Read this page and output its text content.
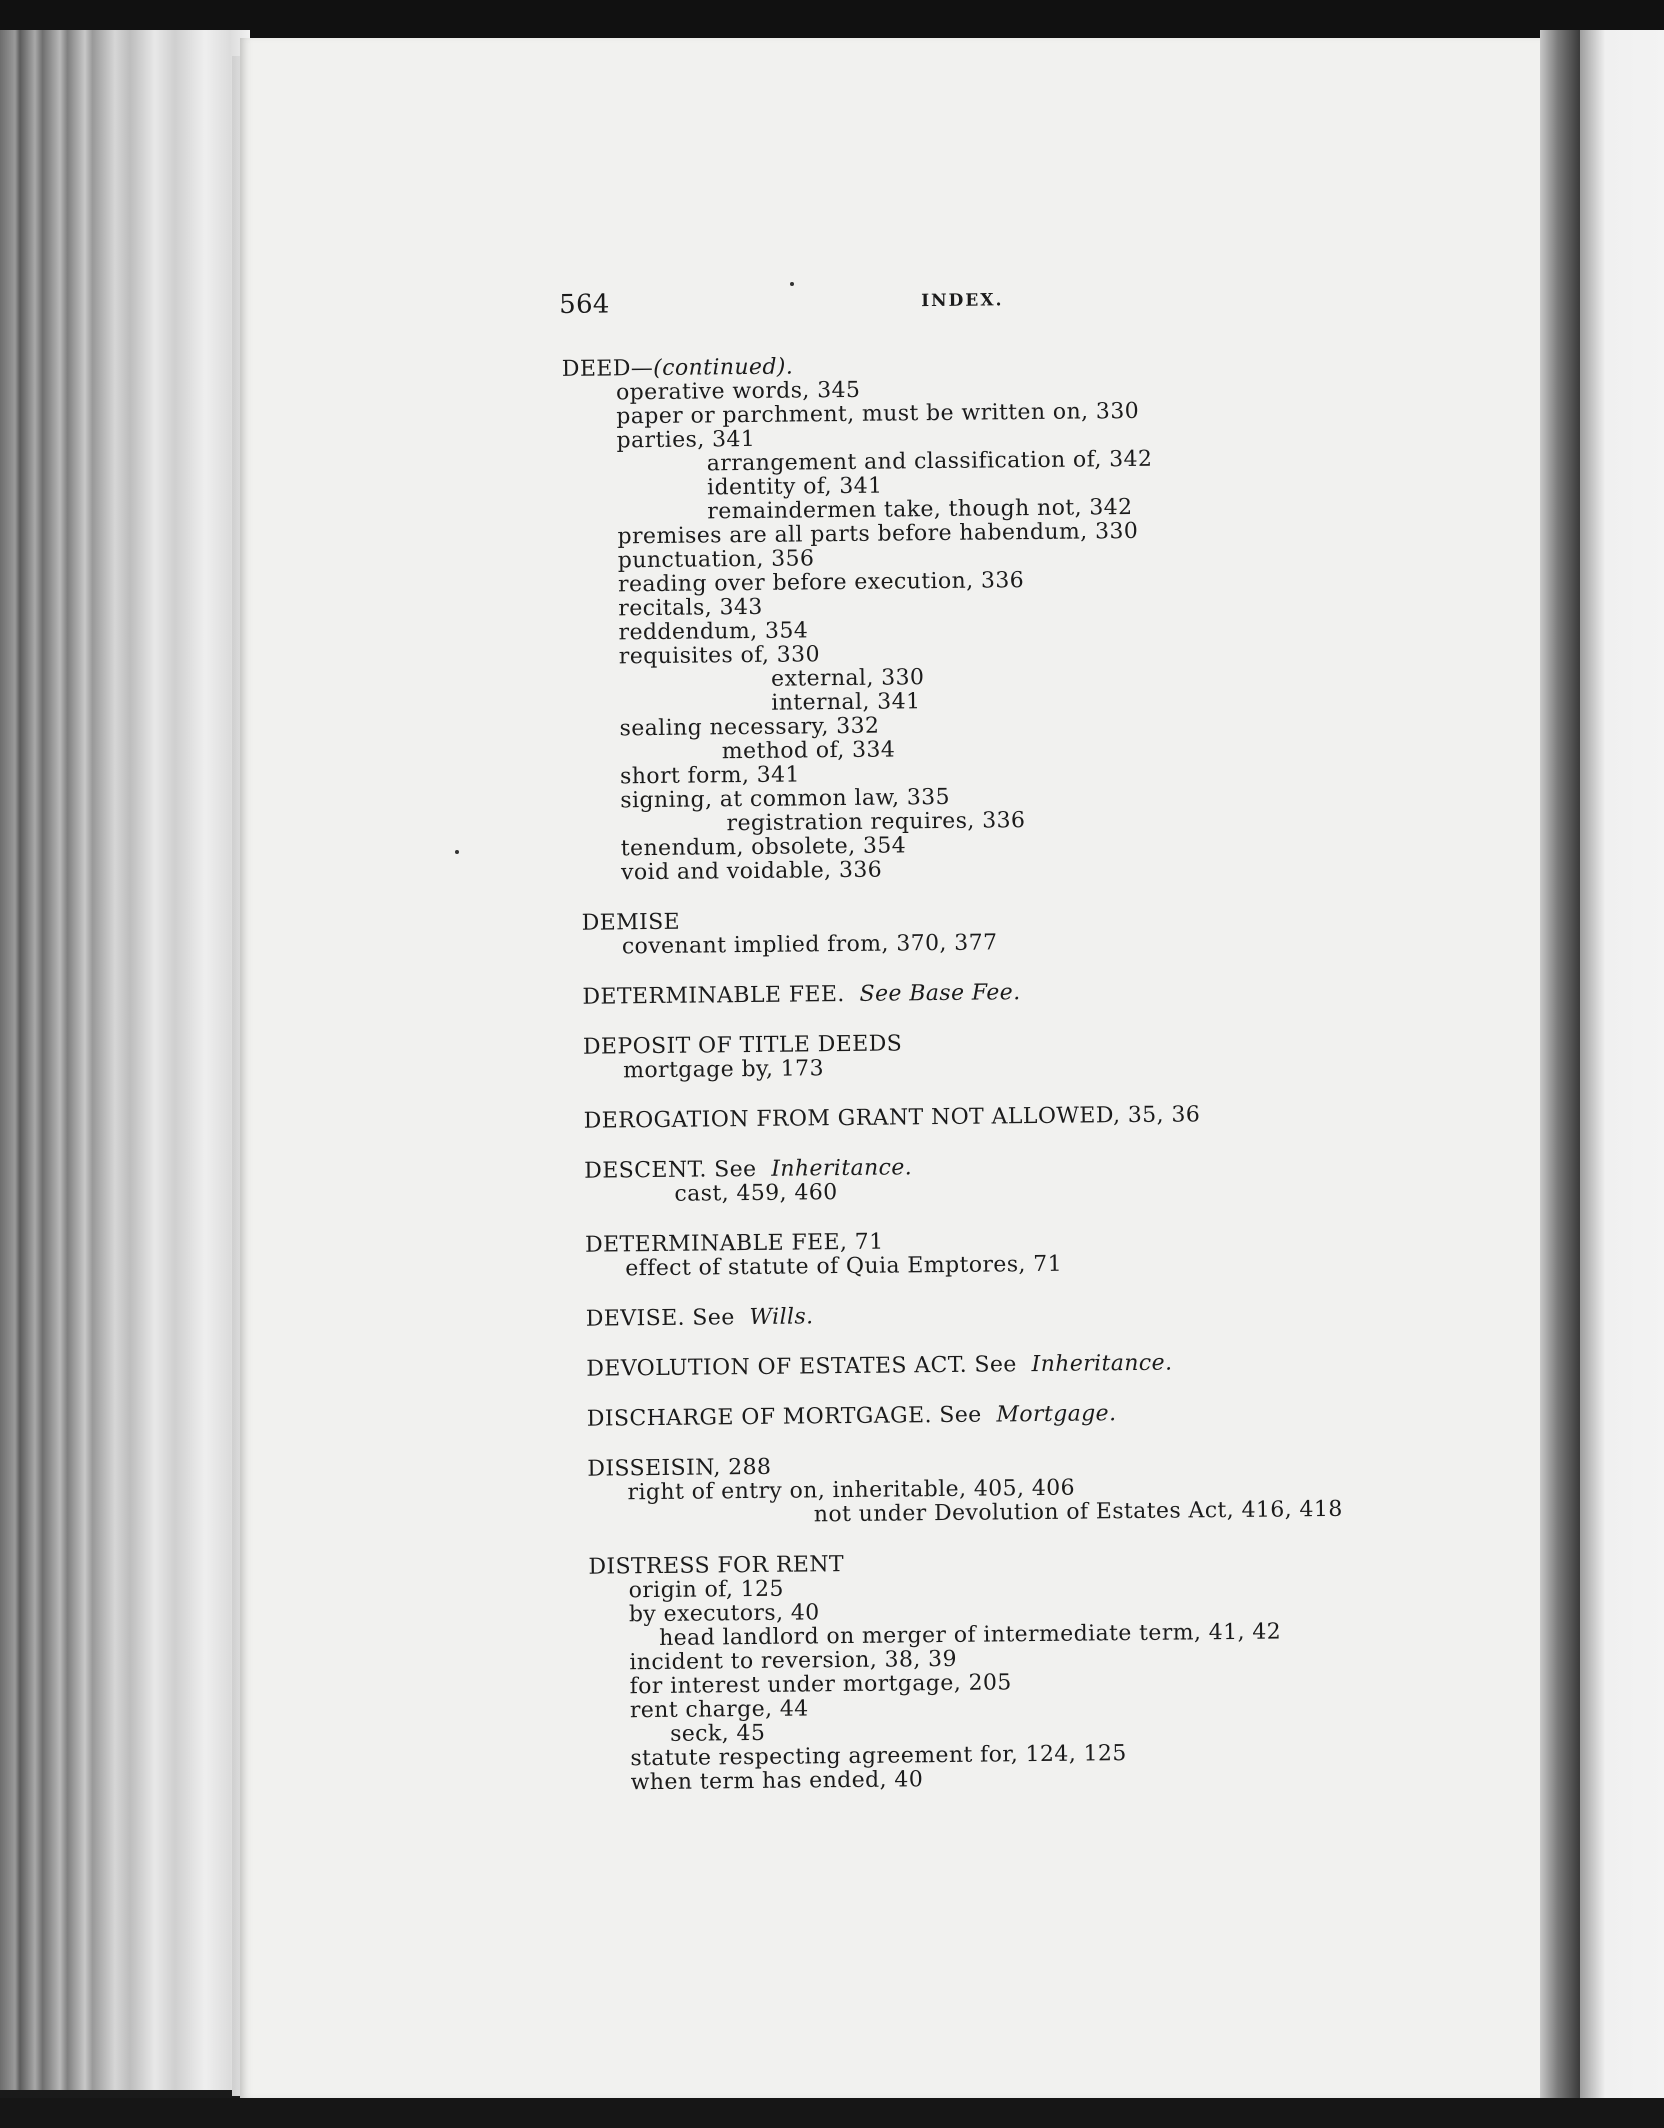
564	INDEX.
DEED—(continued).
operative words, 345
paper or parchment, must be written on, 330
parties, 341
arrangement and classification of, 342
identity of, 341
remaindermen take, though not, 342
premises are all parts before habendum, 330
punctuation, 356
reading over before execution, 336
recitals, 343
reddendum, 354
requisites of, 330
external, 330
internal, 341
sealing necessary, 332
method of, 334
short form, 341
signing, at common law, 335
registration requires, 336
tenendum, obsolete, 354
void and voidable, 336
DEMISE
covenant implied from, 370, 377
DETERMINABLE FEE. See Base Fee.
DEPOSIT OF TITLE DEEDS
mortgage by, 173
DEROGATION FROM GRANT NOT ALLOWED, 35, 36
DESCENT. See Inheritance.
cast, 459, 460
DETERMINABLE FEE, 71
effect of statute of Quia Emptores, 71
DEVISE. See Wills.
DEVOLUTION OF ESTATES ACT. See Inheritance.
DISCHARGE OF MORTGAGE. See Mortgage.
DISSEISIN, 288
right of entry on, inheritable, 405, 406
not under Devolution of Estates Act, 416, 418
DISTRESS FOR RENT
origin of, 125
by executors, 40
head landlord on merger of intermediate term, 41, 42
incident to reversion, 38, 39
for interest under mortgage, 205
rent charge, 44
seck, 45
statute respecting agreement for, 124, 125
when term has ended, 40
